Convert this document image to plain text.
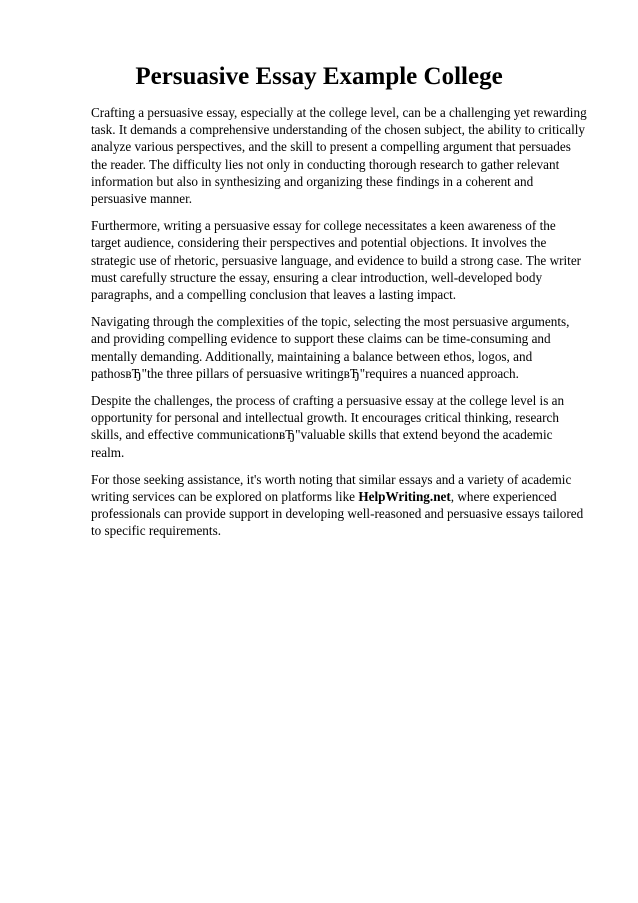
Persuasive Essay Example College

Crafting a persuasive essay, especially at the college level, can be a challenging yet rewarding task. It demands a comprehensive understanding of the chosen subject, the ability to critically analyze various perspectives, and the skill to present a compelling argument that persuades the reader. The difficulty lies not only in conducting thorough research to gather relevant information but also in synthesizing and organizing these findings in a coherent and persuasive manner.

Furthermore, writing a persuasive essay for college necessitates a keen awareness of the target audience, considering their perspectives and potential objections. It involves the strategic use of rhetoric, persuasive language, and evidence to build a strong case. The writer must carefully structure the essay, ensuring a clear introduction, well-developed body paragraphs, and a compelling conclusion that leaves a lasting impact.

Navigating through the complexities of the topic, selecting the most persuasive arguments, and providing compelling evidence to support these claims can be time-consuming and mentally demanding. Additionally, maintaining a balance between ethos, logos, and pathosвЂ"the three pillars of persuasive writingвЂ"requires a nuanced approach.

Despite the challenges, the process of crafting a persuasive essay at the college level is an opportunity for personal and intellectual growth. It encourages critical thinking, research skills, and effective communicationвЂ"valuable skills that extend beyond the academic realm.

For those seeking assistance, it's worth noting that similar essays and a variety of academic writing services can be explored on platforms like HelpWriting.net, where experienced professionals can provide support in developing well-reasoned and persuasive essays tailored to specific requirements.
